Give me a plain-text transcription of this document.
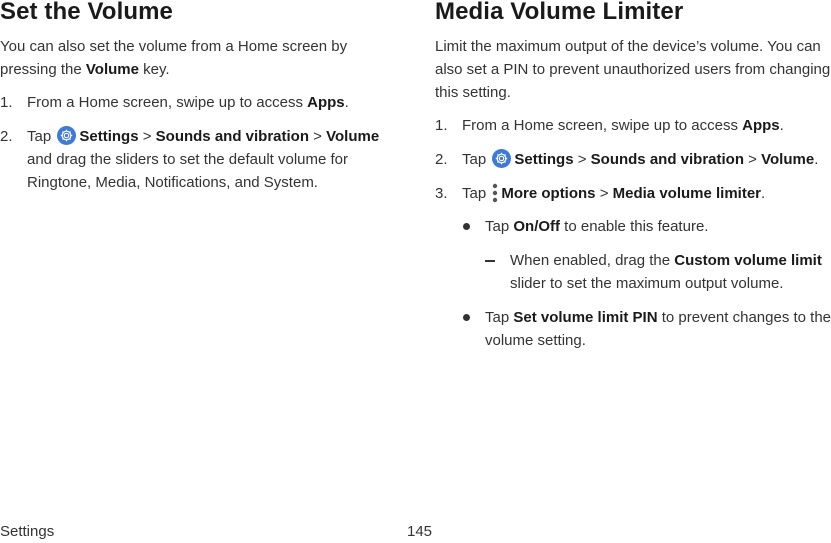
Set the Volume

You can also set the volume from a Home screen by pressing the Volume key.

1. From a Home screen, swipe up to access Apps.
2. Tap
Settings > Sounds and vibration > Volume and drag the sliders to set the default volume for Ringtone, Media, Notifications, and System.
Media Volume Limiter

Limit the maximum output of the device’s volume. You can also set a PIN to prevent unauthorized users from changing this setting.

1. From a Home screen, swipe up to access Apps.
2. Tap
Settings > Sounds and vibration > Volume.
3. Tap More options > Media volume limiter.
Tap On/Off to enable this feature.
When enabled, drag the Custom volume limit slider to set the maximum output volume.
Tap Set volume limit PIN to prevent changes to the volume setting.
Settings	145
